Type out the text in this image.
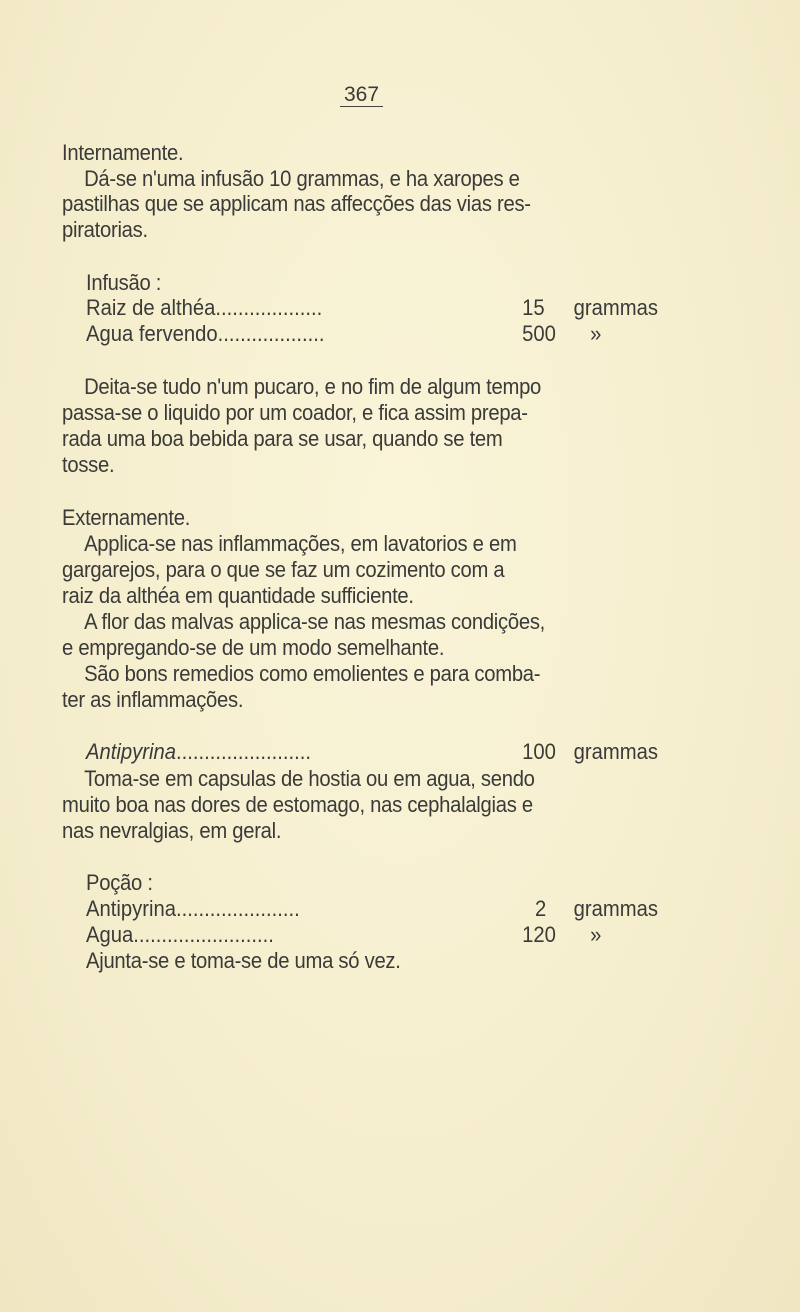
367
Internamente.
Dá-se n'uma infusão 10 grammas, e ha xaropes e
pastilhas que se applicam nas affecções das vias res-
piratorias.
Infusão :
Raiz de althéa...................	15 grammas
Agua fervendo...................	500 »
Deita-se tudo n'um pucaro, e no fim de algum tempo
passa-se o liquido por um coador, e fica assim prepa-
rada uma boa bebida para se usar, quando se tem
tosse.
Externamente.
Applica-se nas inflammações, em lavatorios e em
gargarejos, para o que se faz um cozimento com a
raiz da althéa em quantidade sufficiente.
A flor das malvas applica-se nas mesmas condições,
e empregando-se de um modo semelhante.
São bons remedios como emolientes e para comba-
ter as inflammações.
Antipyrina........................	100 grammas
Toma-se em capsulas de hostia ou em agua, sendo
muito boa nas dores de estomago, nas cephalalgias e
nas nevralgias, em geral.
Poção :
Antipyrina......................	2 grammas
Agua.........................	120 »
Ajunta-se e toma-se de uma só vez.
